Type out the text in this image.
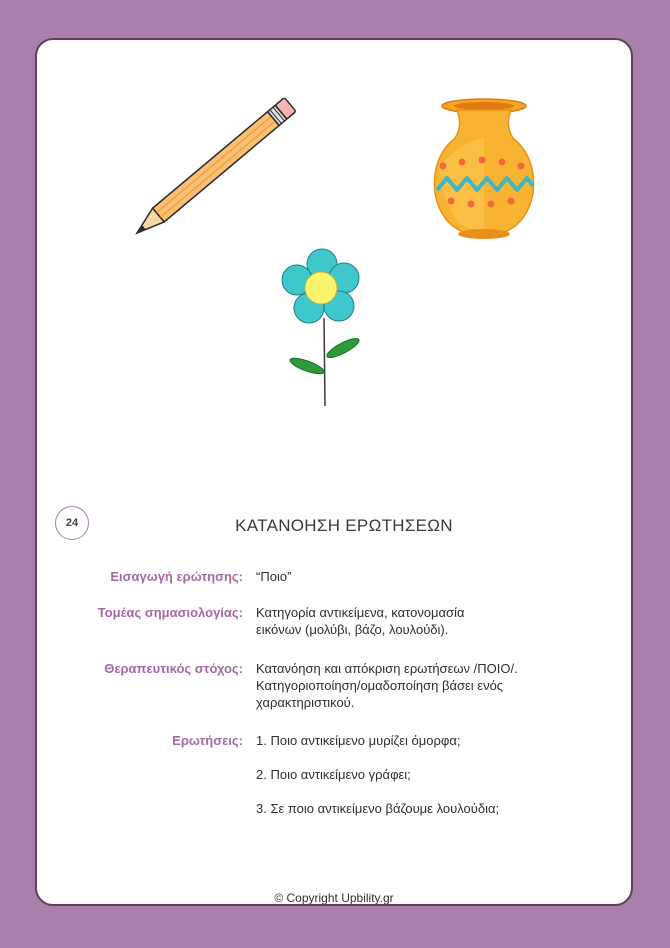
24	ΚΑΤΑΝΟΗΣΗ ΕΡΩΤΗΣΕΩΝ
Εισαγωγή ερώτησης: “Ποιο”

Τομέας σημασιολογίας: Κατηγορία αντικείμενα, κατονομασία

εικόνων (μολύβι, βάζο, λουλούδι).

Θεραπευτικός στόχος: Κατανόηση και απόκριση ερωτήσεων /ΠΟΙΟ/.

Κατηγοριοποίηση/ομαδοποίηση βάσει ενός

χαρακτηριστικού.

Ερωτήσεις: 1. Ποιο αντικείμενο μυρίζει όμορφα;

2. Ποιο αντικείμενο γράφει;

3. Σε ποιο αντικείμενο βάζουμε λουλούδια;

© Copyright Upbility.gr
